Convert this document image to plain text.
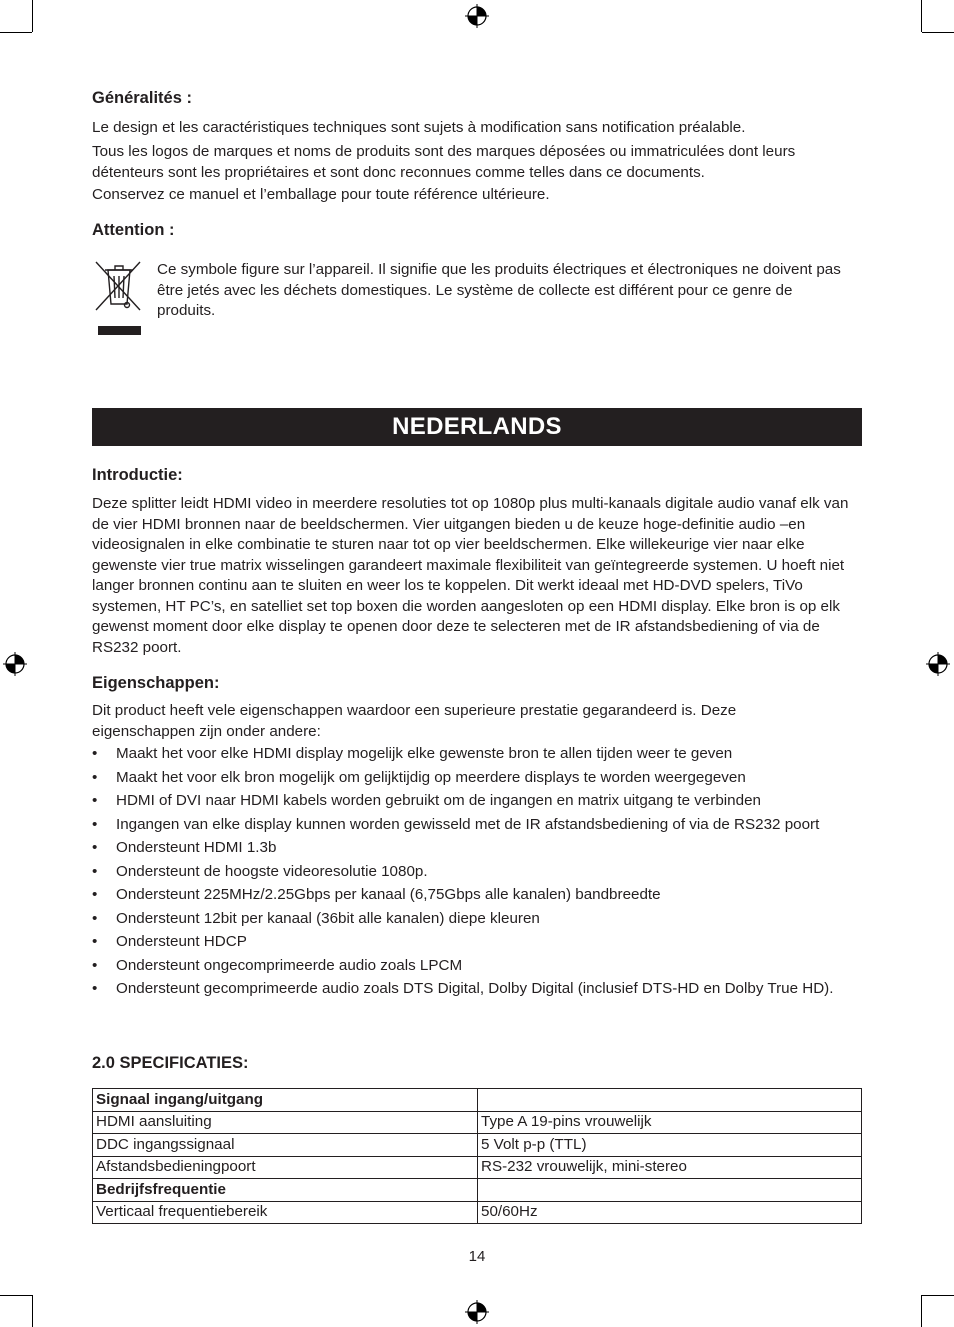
Généralités :

Le design et les caractéristiques techniques sont sujets à modification sans notification préalable.

Tous les logos de marques et noms de produits sont des marques déposées ou immatriculées dont leurs détenteurs sont les propriétaires et sont donc reconnues comme telles dans ce documents.

Conservez ce manuel et l’emballage pour toute référence ultérieure.

Attention :

Ce symbole figure sur l’appareil. Il signifie que les produits électriques et électroniques ne doivent pas être jetés avec les déchets domestiques. Le système de collecte est différent pour ce genre de produits.

NEDERLANDS
Introductie:

Deze splitter leidt HDMI video in meerdere resoluties tot op 1080p plus multi-kanaals digitale audio vanaf elk van de vier HDMI bronnen naar de beeldschermen. Vier uitgangen bieden u de keuze hoge-definitie audio –en videosignalen in elke combinatie te sturen naar tot op vier beeldschermen. Elke willekeurige vier naar elke gewenste vier true matrix wisselingen garandeert maximale flexibiliteit van geïntegreerde systemen. U hoeft niet langer bronnen continu aan te sluiten en weer los te koppelen. Dit werkt ideaal met HD-DVD spelers, TiVo systemen, HT PC’s, en satelliet set top boxen die worden aangesloten op een HDMI display. Elke bron is op elk gewenst moment door elke display te openen door deze te selecteren met de IR afstandsbediening of via de RS232 poort.

Eigenschappen:

Dit product heeft vele eigenschappen waardoor een superieure prestatie gegarandeerd is. Deze eigenschappen zijn onder andere:

• Maakt het voor elke HDMI display mogelijk elke gewenste bron te allen tijden weer te geven
• Maakt het voor elk bron mogelijk om gelijktijdig op meerdere displays te worden weergegeven
• HDMI of DVI naar HDMI kabels worden gebruikt om de ingangen en matrix uitgang te verbinden
• Ingangen van elke display kunnen worden gewisseld met de IR afstandsbediening of via de RS232 poort
• Ondersteunt HDMI 1.3b
• Ondersteunt de hoogste videoresolutie 1080p.
• Ondersteunt 225MHz/2.25Gbps per kanaal (6,75Gbps alle kanalen) bandbreedte
• Ondersteunt 12bit per kanaal (36bit alle kanalen) diepe kleuren
• Ondersteunt HDCP
• Ondersteunt ongecomprimeerde audio zoals LPCM
• Ondersteunt gecomprimeerde audio zoals DTS Digital, Dolby Digital (inclusief DTS-HD en Dolby True HD).
2.0 SPECIFICATIES:
Signaal ingang/uitgang	
HDMI aansluiting	Type A 19-pins vrouwelijk
DDC ingangssignaal	5 Volt p-p (TTL)
Afstandsbedieningpoort	RS-232 vrouwelijk, mini-stereo
Bedrijfsfrequentie	
Verticaal frequentiebereik	50/60Hz
14
